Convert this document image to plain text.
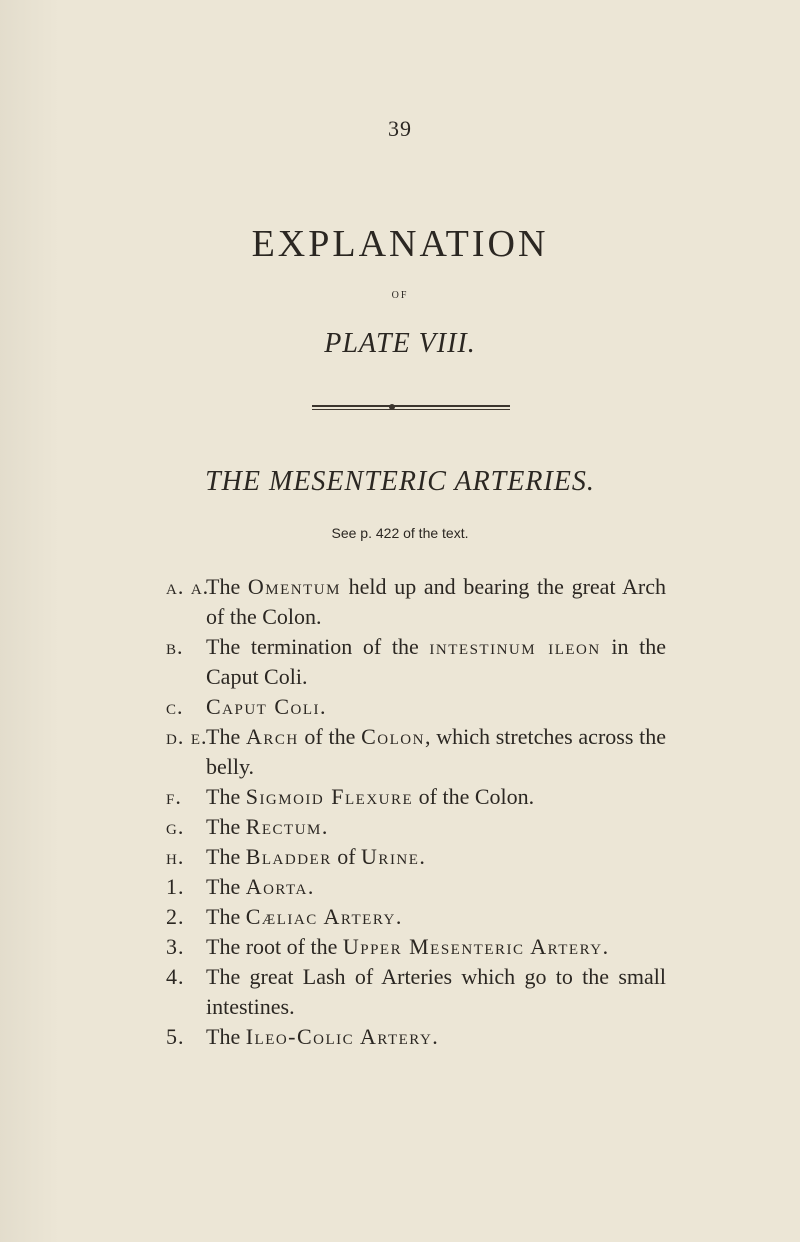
39
EXPLANATION
OF
PLATE VIII.
THE MESENTERIC ARTERIES.
See p. 422 of the text.
a. a.
The Omentum held up and bearing the great Arch of the Colon.
b. The termination of the intestinum ileon in the Caput Coli.
c. Caput Coli.
d. e.
The Arch of the Colon, which stretches across the belly.
f. The Sigmoid Flexure of the Colon.
g. The Rectum.
h. The Bladder of Urine.
1. The Aorta.
2. The Cæliac Artery.
3. The root of the Upper Mesenteric Artery.
4. The great Lash of Arteries which go to the small intestines.
5. The Ileo-Colic Artery.
